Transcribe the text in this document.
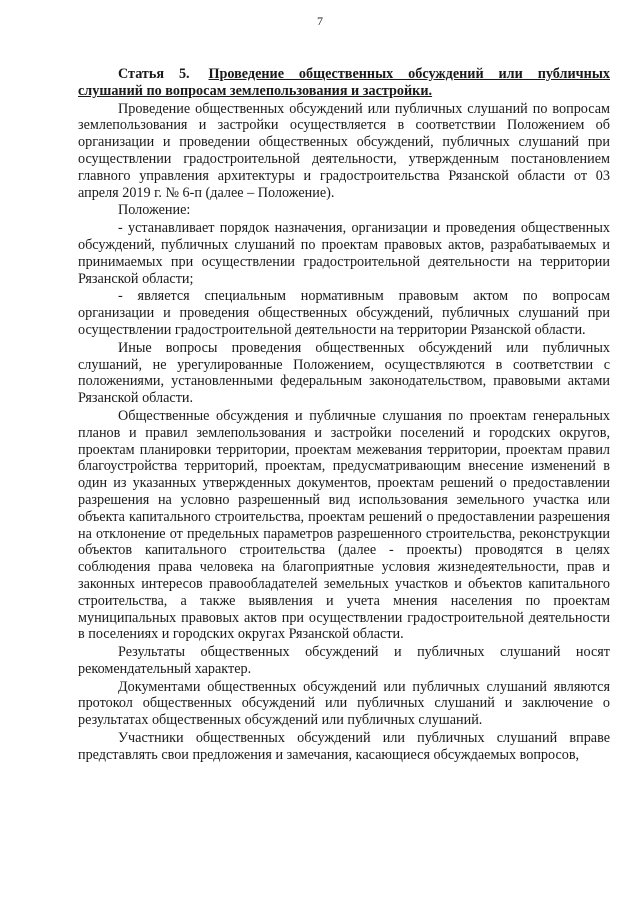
7

Статья 5. Проведение общественных обсуждений или публичных слушаний по вопросам землепользования и застройки.

Проведение общественных обсуждений или публичных слушаний по вопросам землепользования и застройки осуществляется в соответствии Положением об организации и проведении общественных обсуждений, публичных слушаний при осуществлении градостроительной деятельности, утвержденным постановлением главного управления архитектуры и градостроительства Рязанской области от 03 апреля 2019 г. № 6-п (далее – Положение).

Положение:

- устанавливает порядок назначения, организации и проведения общественных обсуждений, публичных слушаний по проектам правовых актов, разрабатываемых и принимаемых при осуществлении градостроительной деятельности на территории Рязанской области;

- является специальным нормативным правовым актом по вопросам организации и проведения общественных обсуждений, публичных слушаний при осуществлении градостроительной деятельности на территории Рязанской области.

Иные вопросы проведения общественных обсуждений или публичных слушаний, не урегулированные Положением, осуществляются в соответствии с положениями, установленными федеральным законодательством, правовыми актами Рязанской области.

Общественные обсуждения и публичные слушания по проектам генеральных планов и правил землепользования и застройки поселений и городских округов, проектам планировки территории, проектам межевания территории, проектам правил благоустройства территорий, проектам, предусматривающим внесение изменений в один из указанных утвержденных документов, проектам решений о предоставлении разрешения на условно разрешенный вид использования земельного участка или объекта капитального строительства, проектам решений о предоставлении разрешения на отклонение от предельных параметров разрешенного строительства, реконструкции объектов капитального строительства (далее - проекты) проводятся в целях соблюдения права человека на благоприятные условия жизнедеятельности, прав и законных интересов правообладателей земельных участков и объектов капитального строительства, а также выявления и учета мнения населения по проектам муниципальных правовых актов при осуществлении градостроительной деятельности в поселениях и городских округах Рязанской области.

Результаты общественных обсуждений и публичных слушаний носят рекомендательный характер.

Документами общественных обсуждений или публичных слушаний являются протокол общественных обсуждений или публичных слушаний и заключение о результатах общественных обсуждений или публичных слушаний.

Участники общественных обсуждений или публичных слушаний вправе представлять свои предложения и замечания, касающиеся обсуждаемых вопросов,
